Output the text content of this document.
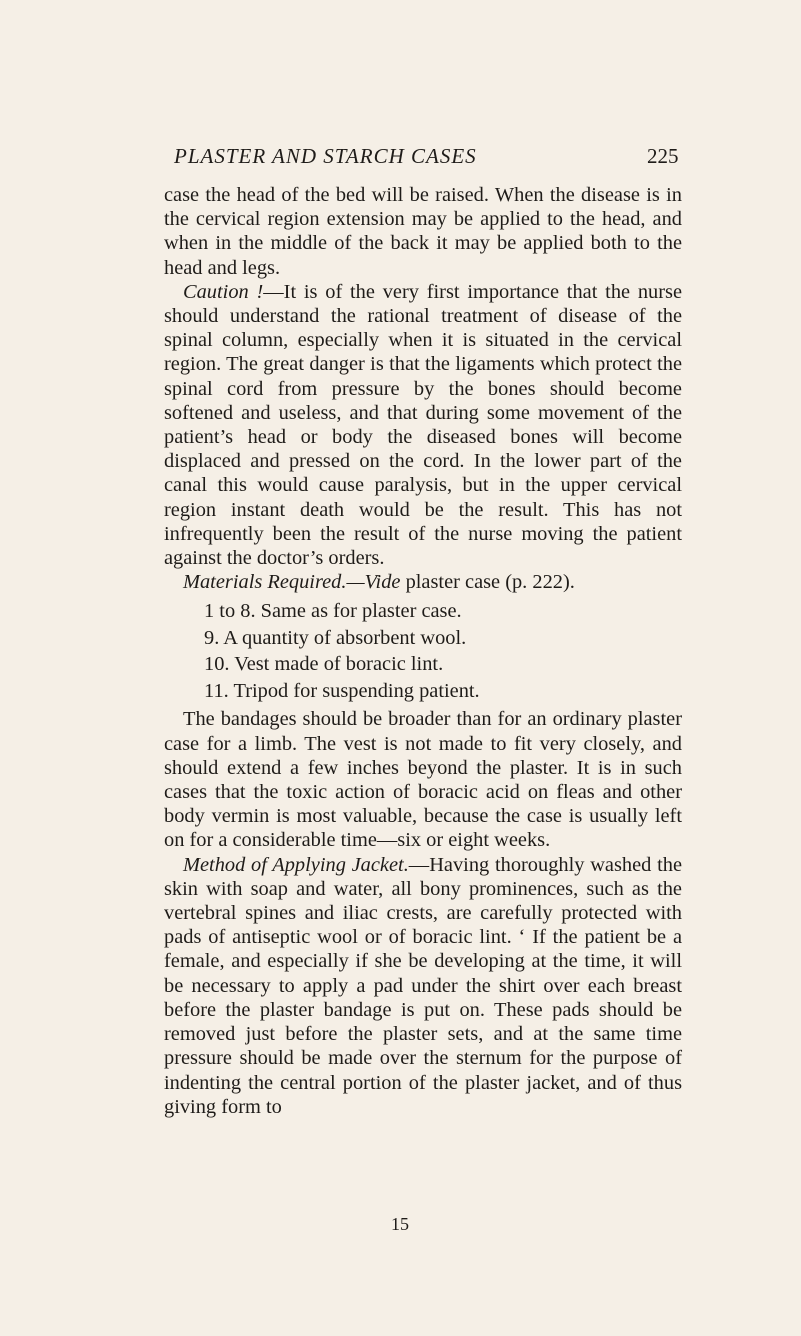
PLASTER AND STARCH CASES	225

case the head of the bed will be raised. When the disease is in the cervical region extension may be applied to the head, and when in the middle of the back it may be applied both to the head and legs.

Caution !—It is of the very first importance that the nurse should understand the rational treatment of disease of the spinal column, especially when it is situated in the cervical region. The great danger is that the ligaments which protect the spinal cord from pressure by the bones should become softened and useless, and that during some movement of the patient’s head or body the diseased bones will become displaced and pressed on the cord. In the lower part of the canal this would cause paralysis, but in the upper cervical region instant death would be the result. This has not infrequently been the result of the nurse moving the patient against the doctor’s orders.

Materials Required.—Vide plaster case (p. 222).

1 to 8. Same as for plaster case.
9. A quantity of absorbent wool.
10. Vest made of boracic lint.
11. Tripod for suspending patient.

The bandages should be broader than for an ordinary plaster case for a limb. The vest is not made to fit very closely, and should extend a few inches beyond the plaster. It is in such cases that the toxic action of boracic acid on fleas and other body vermin is most valuable, because the case is usually left on for a considerable time—six or eight weeks.

Method of Applying Jacket.—Having thoroughly washed the skin with soap and water, all bony prominences, such as the vertebral spines and iliac crests, are carefully protected with pads of antiseptic wool or of boracic lint. ‘ If the patient be a female, and especially if she be developing at the time, it will be necessary to apply a pad under the shirt over each breast before the plaster bandage is put on. These pads should be removed just before the plaster sets, and at the same time pressure should be made over the sternum for the purpose of indenting the central portion of the plaster jacket, and of thus giving form to

15
